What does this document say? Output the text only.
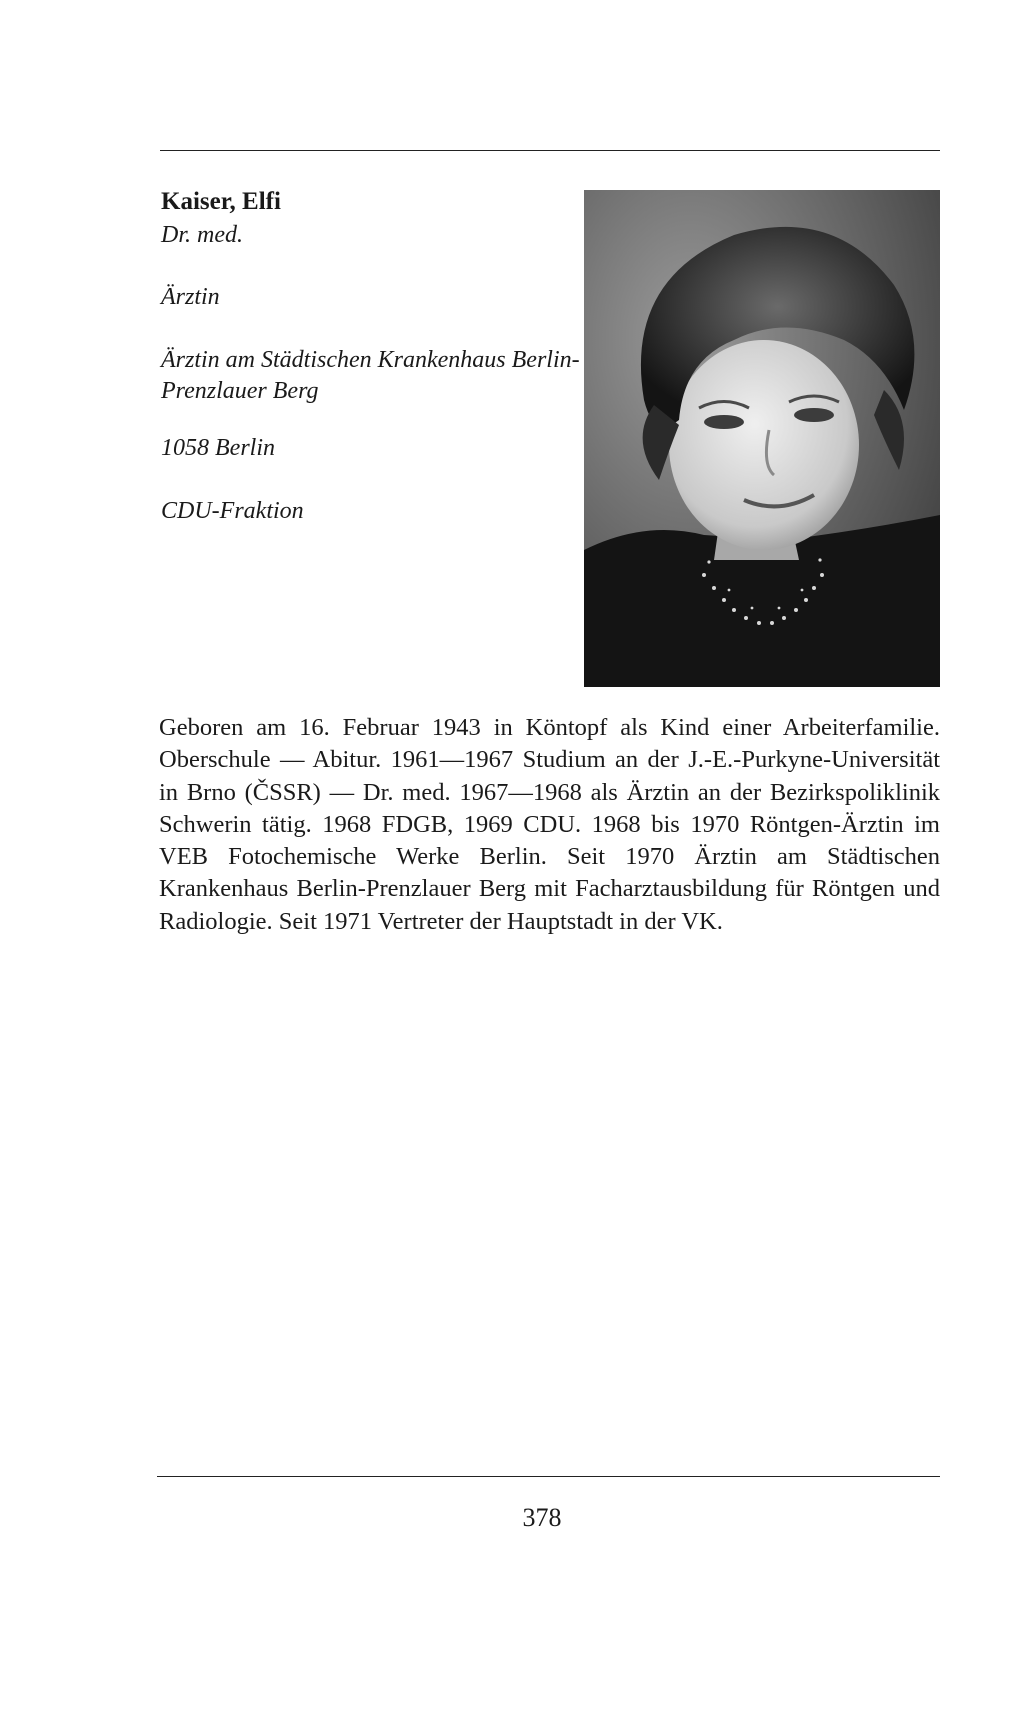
Kaiser, Elfi

Dr. med.

Ärztin

Ärztin am Städtischen Krankenhaus Berlin-Prenzlauer Berg

1058 Berlin

CDU-Fraktion

Geboren am 16. Februar 1943 in Köntopf als Kind einer Arbeiterfamilie. Oberschule — Abitur. 1961—1967 Studium an der J.-E.-Purkyne-Universität in Brno (ČSSR) — Dr. med. 1967—1968 als Ärztin an der Bezirkspoliklinik Schwerin tätig. 1968 FDGB, 1969 CDU. 1968 bis 1970 Röntgen-Ärztin im VEB Fotochemische Werke Berlin. Seit 1970 Ärztin am Städtischen Krankenhaus Berlin-Prenzlauer Berg mit Facharztausbildung für Röntgen und Radiologie. Seit 1971 Vertreter der Hauptstadt in der VK.

378
